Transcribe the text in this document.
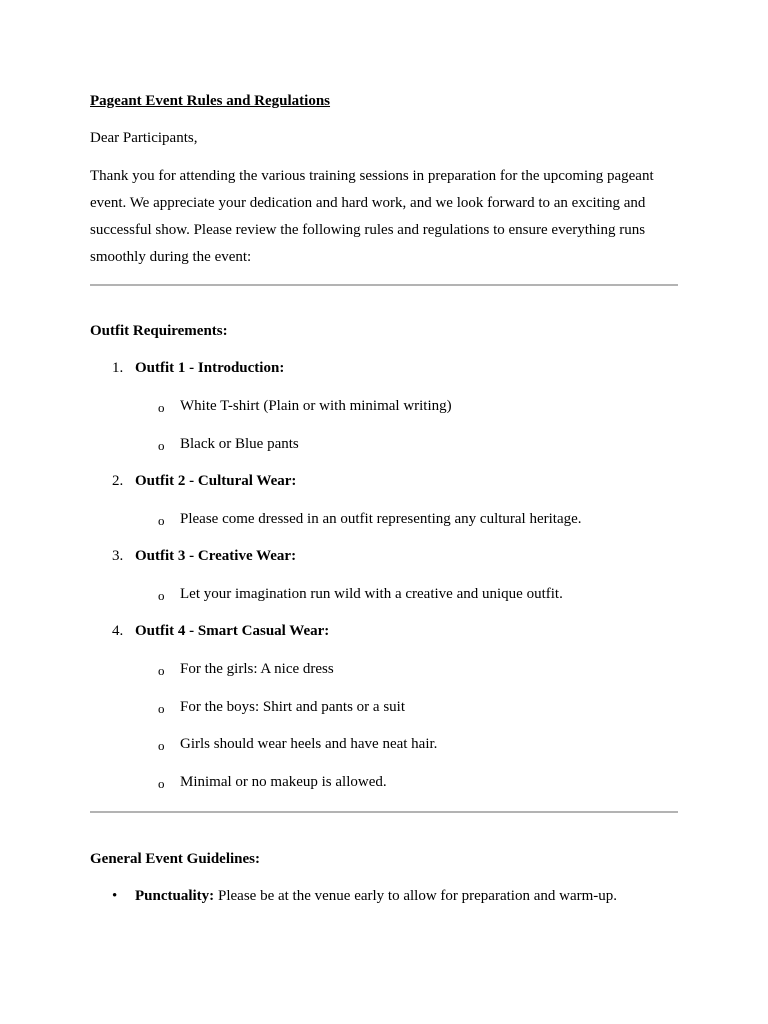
Pageant Event Rules and Regulations
Dear Participants,

Thank you for attending the various training sessions in preparation for the upcoming pageant event. We appreciate your dedication and hard work, and we look forward to an exciting and successful show. Please review the following rules and regulations to ensure everything runs smoothly during the event:

Outfit Requirements:
1. Outfit 1 - Introduction:
o White T-shirt (Plain or with minimal writing)
o Black or Blue pants
2. Outfit 2 - Cultural Wear:
o Please come dressed in an outfit representing any cultural heritage.
3. Outfit 3 - Creative Wear:
o Let your imagination run wild with a creative and unique outfit.
4. Outfit 4 - Smart Casual Wear:
o For the girls: A nice dress
o For the boys: Shirt and pants or a suit
o Girls should wear heels and have neat hair.
o Minimal or no makeup is allowed.
General Event Guidelines:
• Punctuality: Please be at the venue early to allow for preparation and warm-up.
